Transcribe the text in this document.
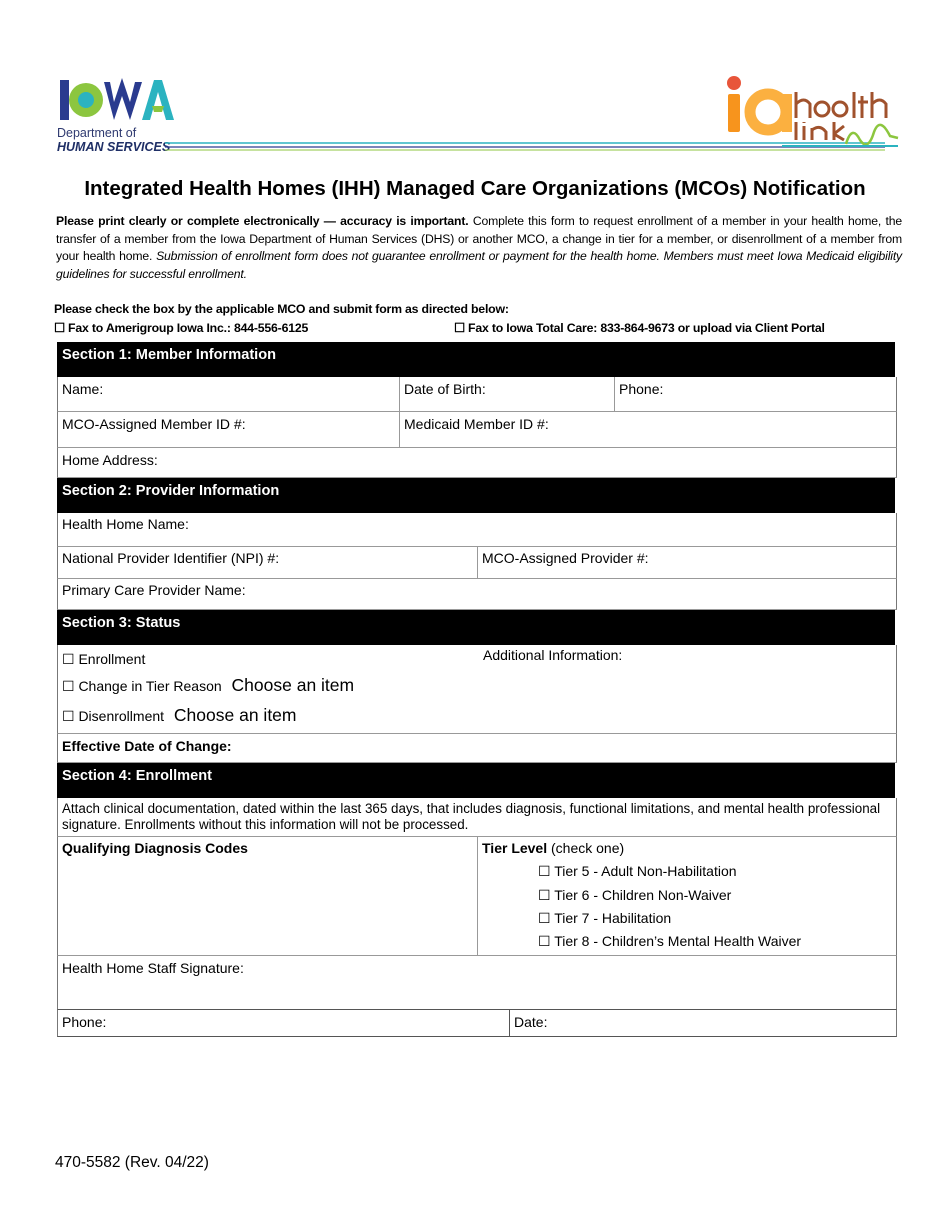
Department of
HUMAN SERVICES
Integrated Health Homes (IHH) Managed Care Organizations (MCOs) Notification
Please print clearly or complete electronically — accuracy is important. Complete this form to request enrollment of a member in your health home, the transfer of a member from the Iowa Department of Human Services (DHS) or another MCO, a change in tier for a member, or disenrollment of a member from your health home. Submission of enrollment form does not guarantee enrollment or payment for the health home. Members must meet Iowa Medicaid eligibility guidelines for successful enrollment.
Please check the box by the applicable MCO and submit form as directed below:
☐ Fax to Amerigroup Iowa Inc.: 844-556-6125	☐ Fax to Iowa Total Care: 833-864-9673 or upload via Client Portal
Section 1: Member Information
Name:	Date of Birth:	Phone:
MCO-Assigned Member ID #:	Medicaid Member ID #:
Home Address:
Section 2: Provider Information
Health Home Name:
National Provider Identifier (NPI) #:	MCO-Assigned Provider #:
Primary Care Provider Name:
Section 3: Status
☐ Enrollment
☐ Change in Tier Reason Choose an item
☐ Disenrollment Choose an item
Additional Information:
Effective Date of Change:
Section 4: Enrollment
Attach clinical documentation, dated within the last 365 days, that includes diagnosis, functional limitations, and mental health professional signature. Enrollments without this information will not be processed.
Qualifying Diagnosis Codes	Tier Level (check one)
☐ Tier 5 - Adult Non-Habilitation
☐ Tier 6 - Children Non-Waiver
☐ Tier 7 - Habilitation
☐ Tier 8 - Children’s Mental Health Waiver
Health Home Staff Signature:
Phone:	Date:
470-5582 (Rev. 04/22)
